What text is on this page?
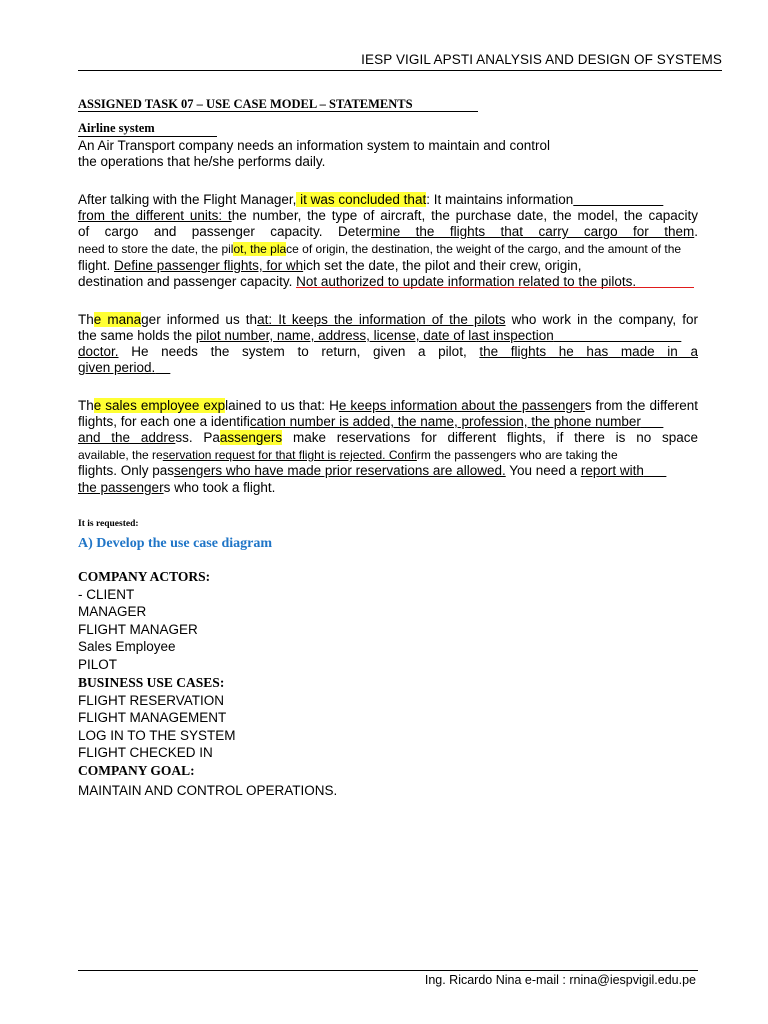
IESP VIGIL APSTI ANALYSIS AND DESIGN OF SYSTEMS
ASSIGNED TASK 07 – USE CASE MODEL – STATEMENTS
Airline system
An Air Transport company needs an information system to maintain and control
the operations that he/she performs daily.
After talking with the Flight Manager, it was concluded that: It maintains information
from the different units: the number, the type of aircraft, the purchase date, the model, the capacity
of cargo and passenger capacity. Determine the flights that carry cargo for them.
need to store the date, the pilot, the place of origin, the destination, the weight of the cargo, and the amount of the
flight. Define passenger flights, for which set the date, the pilot and their crew, origin,
destination and passenger capacity. Not authorized to update information related to the pilots.
The manager informed us that: It keeps the information of the pilots who work in the company, for
the same holds the pilot number, name, address, license, date of last inspection
doctor. He needs the system to return, given a pilot, the flights he has made in a
given period.
The sales employee explained to us that: He keeps information about the passengers from the different
flights, for each one a identification number is added, the name, profession, the phone number
and the address. Paassengers make reservations for different flights, if there is no space
available, the reservation request for that flight is rejected. Confirm the passengers who are taking the
flights. Only passengers who have made prior reservations are allowed. You need a report with
the passengers who took a flight.
It is requested:
A) Develop the use case diagram
COMPANY ACTORS:
- CLIENT
MANAGER
FLIGHT MANAGER
Sales Employee
PILOT
BUSINESS USE CASES:
FLIGHT RESERVATION
FLIGHT MANAGEMENT
LOG IN TO THE SYSTEM
FLIGHT CHECKED IN
COMPANY GOAL:
MAINTAIN AND CONTROL OPERATIONS.
Ing. Ricardo Nina e-mail : rnina@iespvigil.edu.pe
